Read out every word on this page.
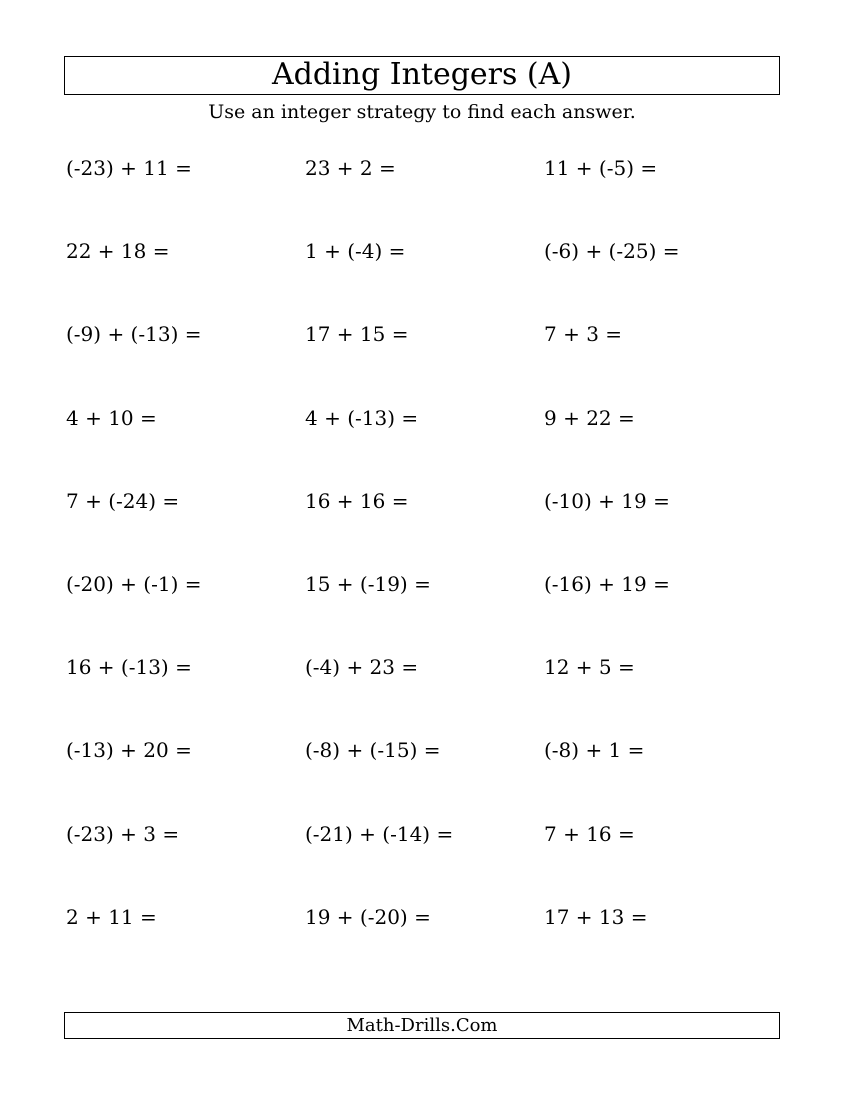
Adding Integers (A)
Use an integer strategy to find each answer.
(-23) + 11 =	23 + 2 =	11 + (-5) =
22 + 18 =	1 + (-4) =	(-6) + (-25) =
(-9) + (-13) =	17 + 15 =	7 + 3 =
4 + 10 =	4 + (-13) =	9 + 22 =
7 + (-24) =	16 + 16 =	(-10) + 19 =
(-20) + (-1) =	15 + (-19) =	(-16) + 19 =
16 + (-13) =	(-4) + 23 =	12 + 5 =
(-13) + 20 =	(-8) + (-15) =	(-8) + 1 =
(-23) + 3 =	(-21) + (-14) =	7 + 16 =
2 + 11 =	19 + (-20) =	17 + 13 =
Math-Drills.Com
